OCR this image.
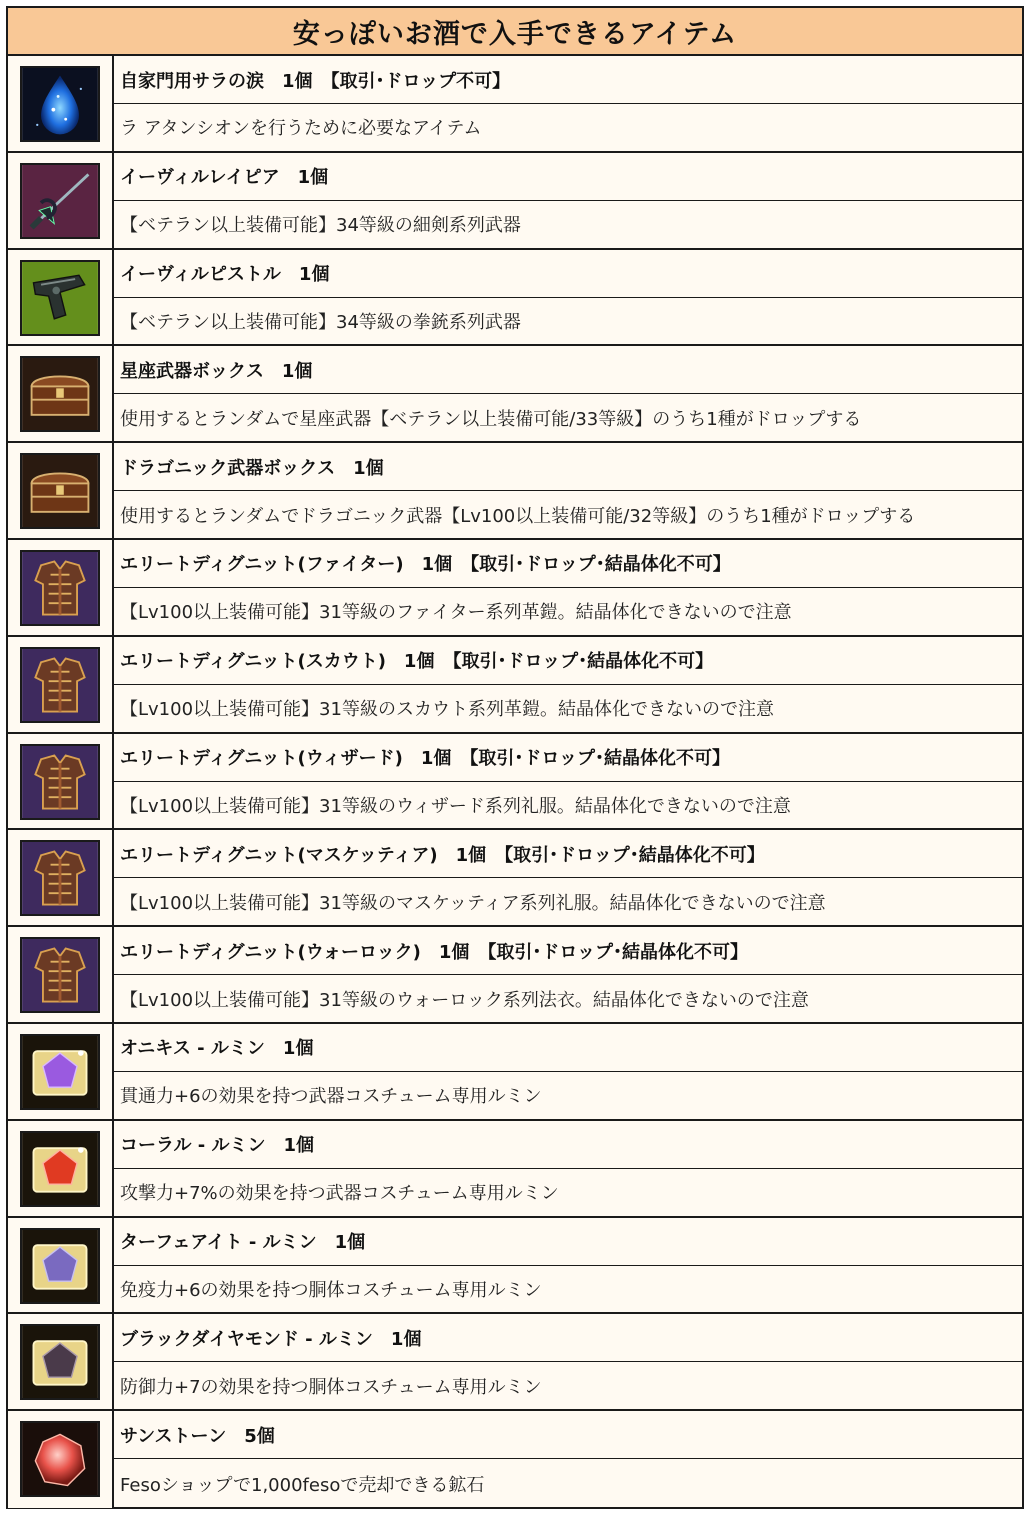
安っぽいお酒で入手できるアイテム
自家門用サラの涙　1個　【取引･ドロップ不可】
ラ アタンシオンを行うために必要なアイテム
イーヴィルレイピア　1個
【ベテラン以上装備可能】34等級の細剣系列武器
イーヴィルピストル　1個
【ベテラン以上装備可能】34等級の拳銃系列武器
星座武器ボックス　1個
使用するとランダムで星座武器【ベテラン以上装備可能/33等級】のうち1種がドロップする
ドラゴニック武器ボックス　1個
使用するとランダムでドラゴニック武器【Lv100以上装備可能/32等級】のうち1種がドロップする
エリートディグニット(ファイター)　1個　【取引･ドロップ･結晶体化不可】
【Lv100以上装備可能】31等級のファイター系列革鎧。結晶体化できないので注意
エリートディグニット(スカウト)　1個　【取引･ドロップ･結晶体化不可】
【Lv100以上装備可能】31等級のスカウト系列革鎧。結晶体化できないので注意
エリートディグニット(ウィザード)　1個　【取引･ドロップ･結晶体化不可】
【Lv100以上装備可能】31等級のウィザード系列礼服。結晶体化できないので注意
エリートディグニット(マスケッティア)　1個　【取引･ドロップ･結晶体化不可】
【Lv100以上装備可能】31等級のマスケッティア系列礼服。結晶体化できないので注意
エリートディグニット(ウォーロック)　1個　【取引･ドロップ･結晶体化不可】
【Lv100以上装備可能】31等級のウォーロック系列法衣。結晶体化できないので注意
オニキス - ルミン　1個
貫通力+6の効果を持つ武器コスチューム専用ルミン
コーラル - ルミン　1個
攻撃力+7%の効果を持つ武器コスチューム専用ルミン
ターフェアイト - ルミン　1個
免疫力+6の効果を持つ胴体コスチューム専用ルミン
ブラックダイヤモンド - ルミン　1個
防御力+7の効果を持つ胴体コスチューム専用ルミン
サンストーン　5個
Fesoショップで1,000fesoで売却できる鉱石
